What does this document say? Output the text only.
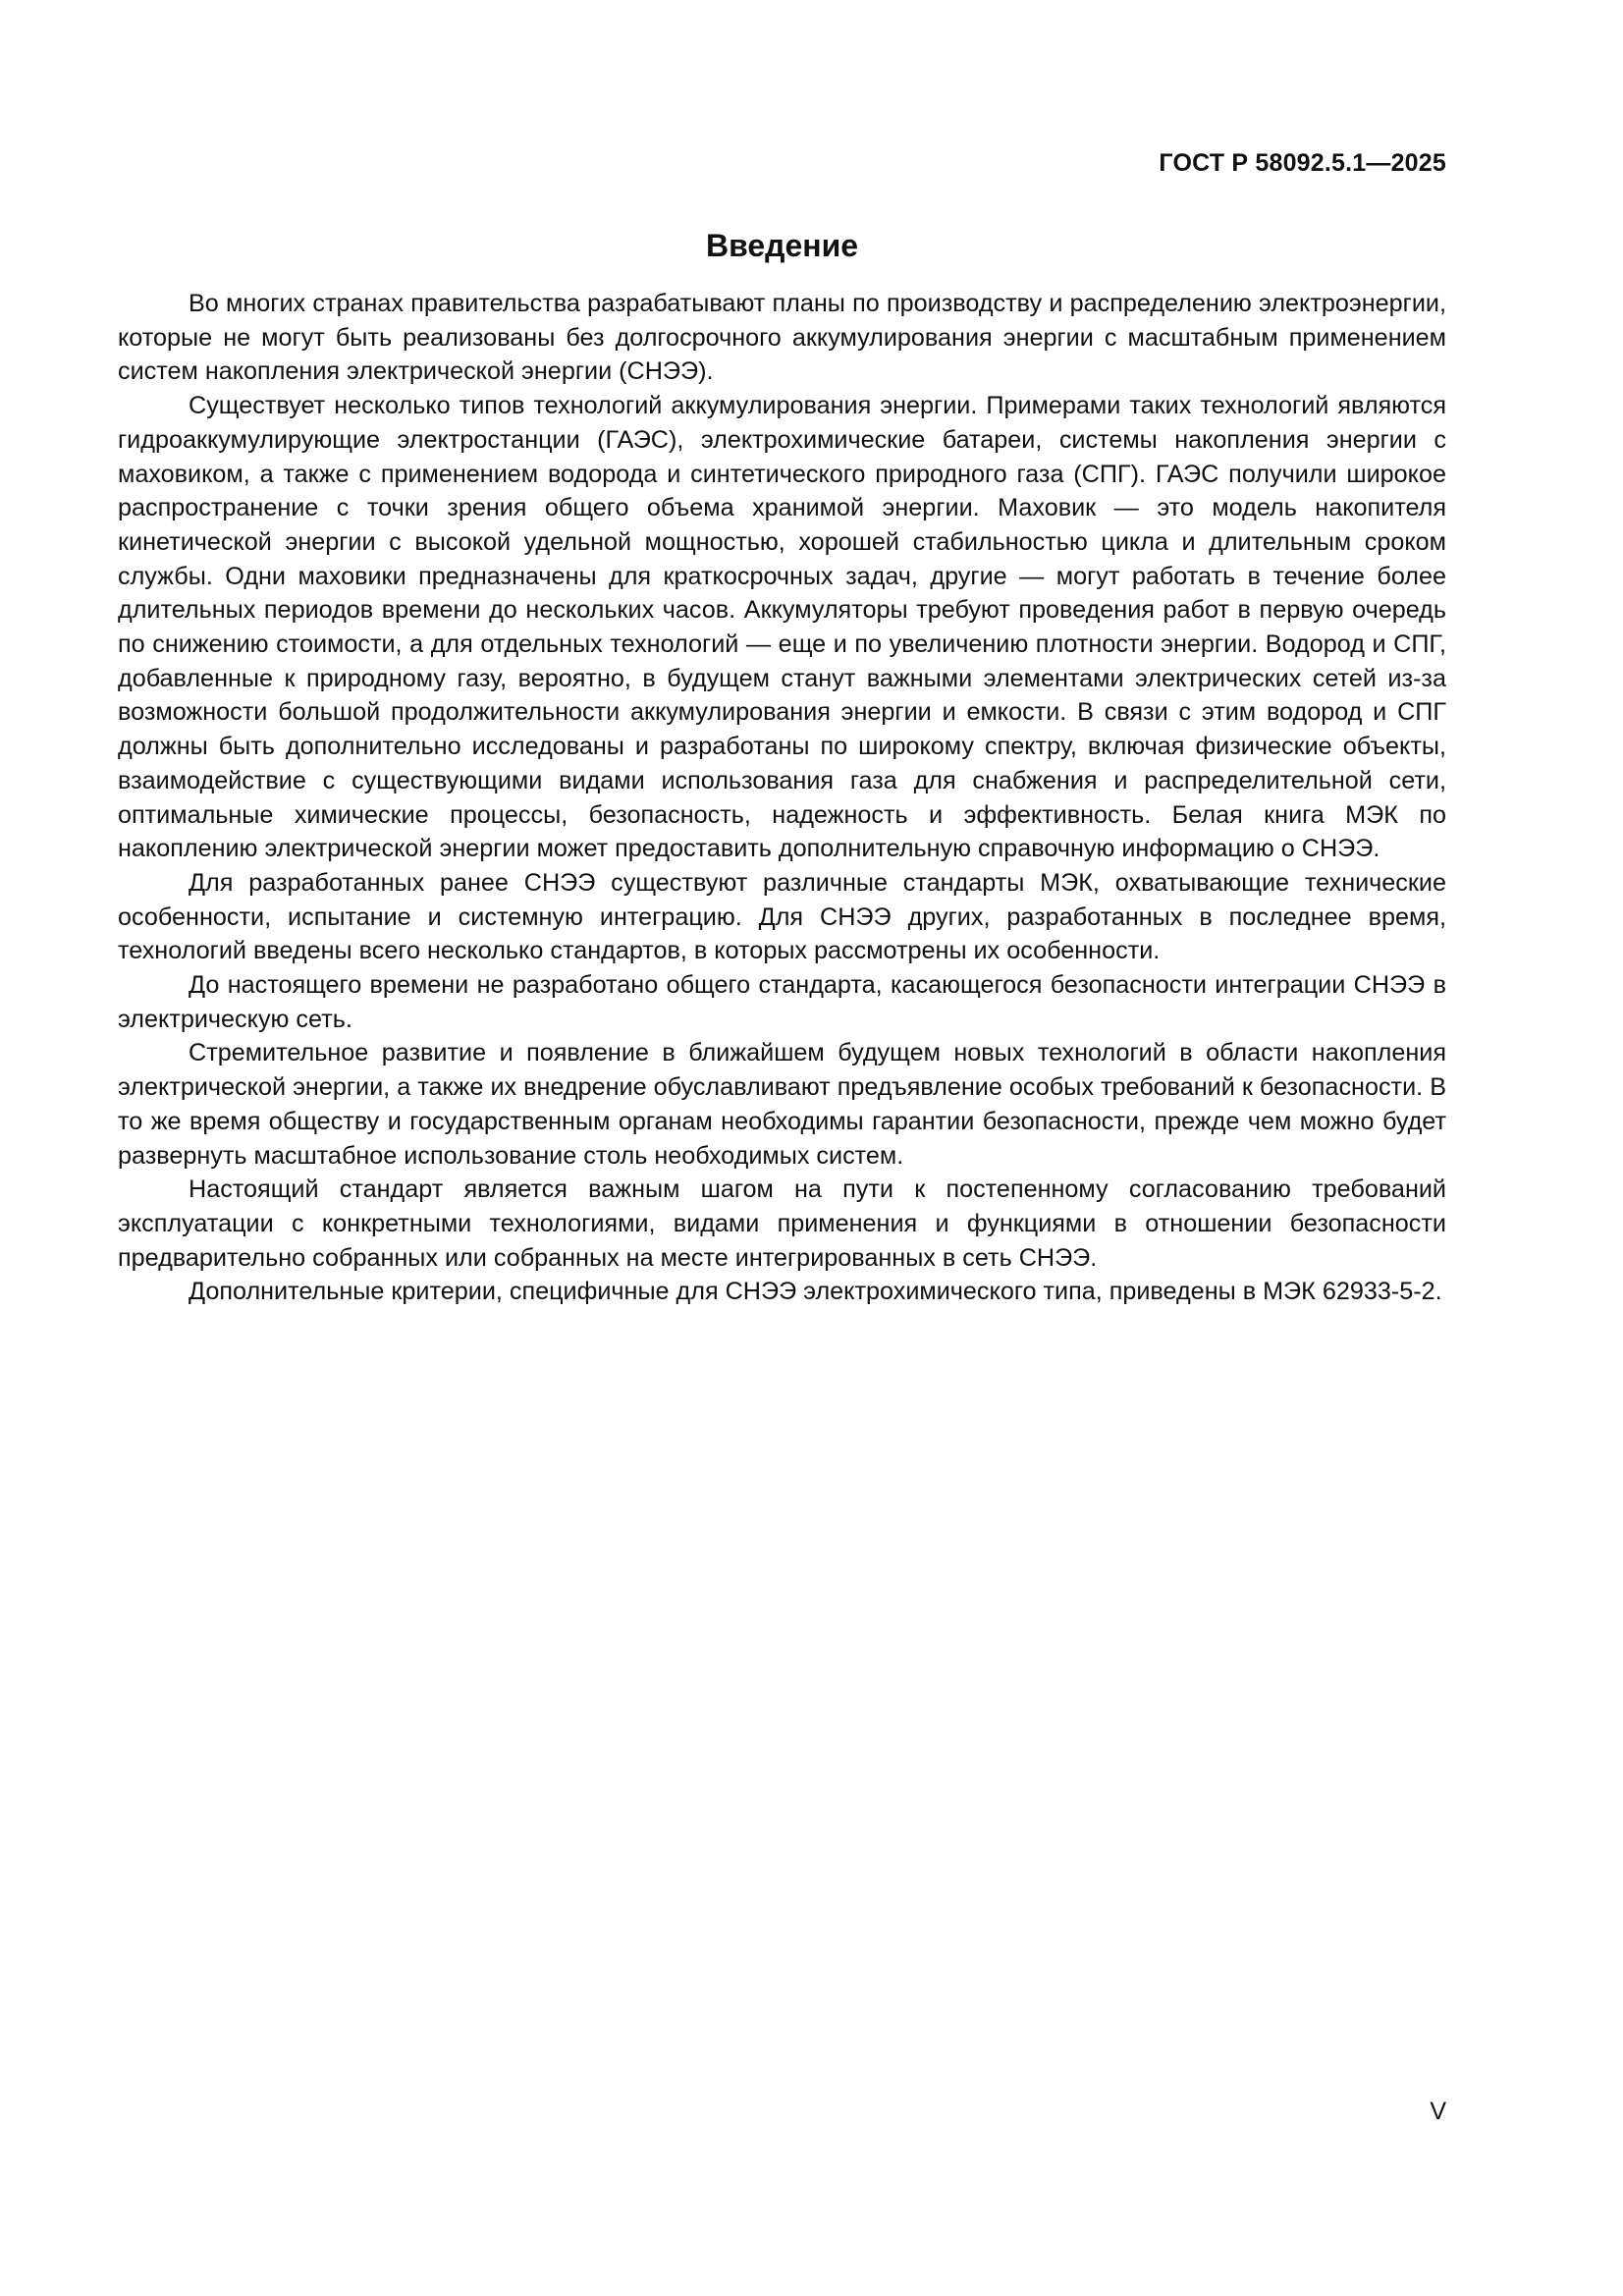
ГОСТ Р 58092.5.1—2025
Введение

Во многих странах правительства разрабатывают планы по производству и распределению электроэнергии, которые не могут быть реализованы без долгосрочного аккумулирования энергии с масштабным применением систем накопления электрической энергии (СНЭЭ).

Существует несколько типов технологий аккумулирования энергии. Примерами таких технологий являются гидроаккумулирующие электростанции (ГАЭС), электрохимические батареи, системы накопления энергии с маховиком, а также с применением водорода и синтетического природного газа (СПГ). ГАЭС получили широкое распространение с точки зрения общего объема хранимой энергии. Маховик — это модель накопителя кинетической энергии с высокой удельной мощностью, хорошей стабильностью цикла и длительным сроком службы. Одни маховики предназначены для краткосрочных задач, другие — могут работать в течение более длительных периодов времени до нескольких часов. Аккумуляторы требуют проведения работ в первую очередь по снижению стоимости, а для отдельных технологий — еще и по увеличению плотности энергии. Водород и СПГ, добавленные к природному газу, вероятно, в будущем станут важными элементами электрических сетей из-за возможности большой продолжительности аккумулирования энергии и емкости. В связи с этим водород и СПГ должны быть дополнительно исследованы и разработаны по широкому спектру, включая физические объекты, взаимодействие с существующими видами использования газа для снабжения и распределительной сети, оптимальные химические процессы, безопасность, надежность и эффективность. Белая книга МЭК по накоплению электрической энергии может предоставить дополнительную справочную информацию о СНЭЭ.

Для разработанных ранее СНЭЭ существуют различные стандарты МЭК, охватывающие технические особенности, испытание и системную интеграцию. Для СНЭЭ других, разработанных в последнее время, технологий введены всего несколько стандартов, в которых рассмотрены их особенности.

До настоящего времени не разработано общего стандарта, касающегося безопасности интеграции СНЭЭ в электрическую сеть.

Стремительное развитие и появление в ближайшем будущем новых технологий в области накопления электрической энергии, а также их внедрение обуславливают предъявление особых требований к безопасности. В то же время обществу и государственным органам необходимы гарантии безопасности, прежде чем можно будет развернуть масштабное использование столь необходимых систем.

Настоящий стандарт является важным шагом на пути к постепенному согласованию требований эксплуатации с конкретными технологиями, видами применения и функциями в отношении безопасности предварительно собранных или собранных на месте интегрированных в сеть СНЭЭ.

Дополнительные критерии, специфичные для СНЭЭ электрохимического типа, приведены в МЭК 62933-5-2.

V
